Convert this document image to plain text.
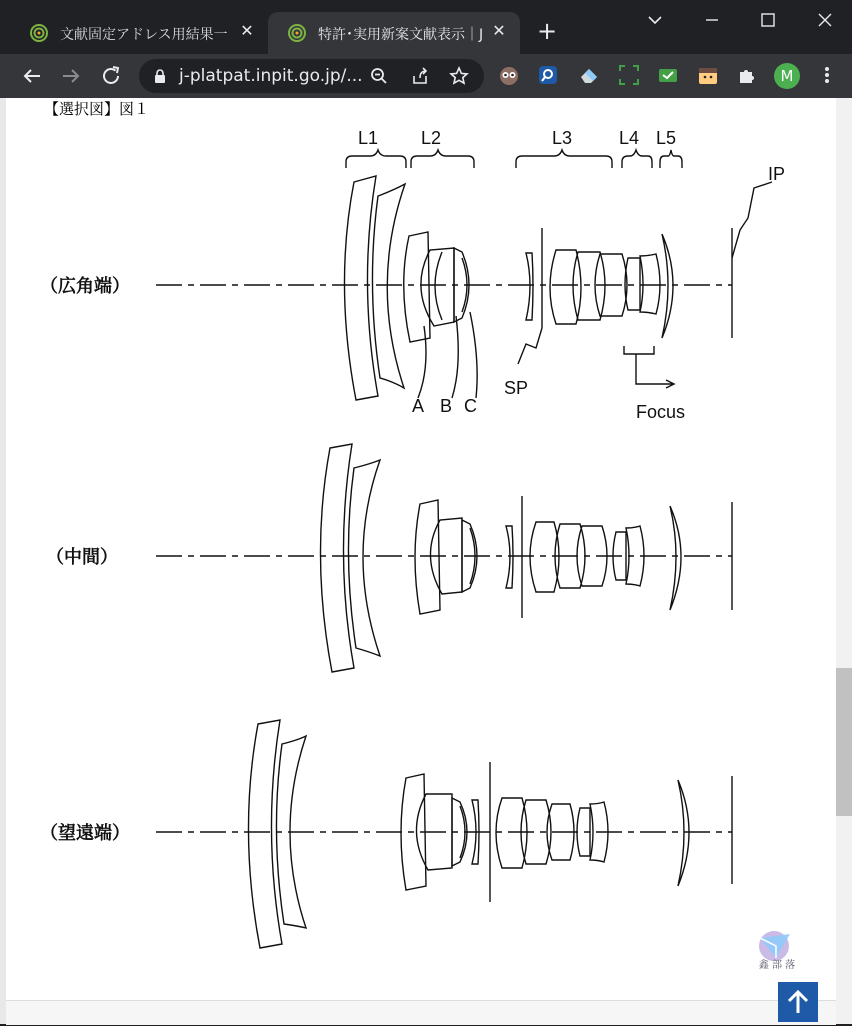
文献固定アドレス用結果一 ✕	特許･実用新案文献表示｜J ✕ +
j-platpat.inpit.go.jp/...	M
【選択図】図１
L1 L2	L3	L4 L5
IP
SP
A B C	Focus
（広角端）
（中間）
（望遠端）
鑫 部 落
